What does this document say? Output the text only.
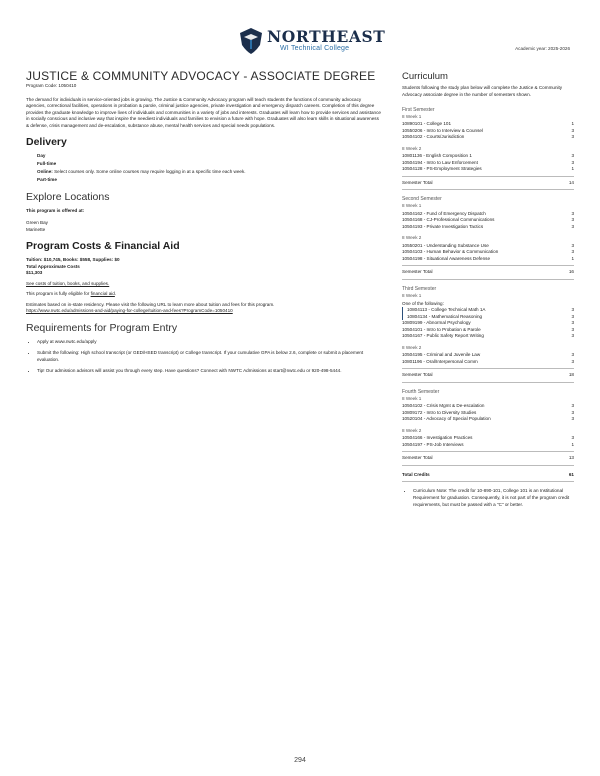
NORTHEAST
WI Technical College	Academic year: 2025-2026
JUSTICE & COMMUNITY ADVOCACY - ASSOCIATE DEGREE
Program Code: 1050410
The demand for individuals in service-oriented jobs is growing. The Justice & Community Advocacy program will teach students the functions of community advocacy agencies, correctional facilities, operations in probation & parole, criminal justice agencies, private investigation and emergency dispatch careers. Completion of this degree provides the graduate knowledge to improve lives of individuals and communities in a variety of jobs and interests. Graduates will learn how to provide services and assistance in socially conscious and inclusive way that inspire the neediest individuals and families to envision a future with hope. Graduates will also learn skills in situational awareness & defense, crisis management and de-escalation, substance abuse, mental health services and special needs populations.
Delivery
Day
Full-time
Online: Select courses only. Some online courses may require logging in at a specific time each week.
Part-time
Explore Locations
This program is offered at:
Green Bay
Marinette
Program Costs & Financial Aid
Tuition: $10,745, Books: $558, Supplies: $0
Total Approximate Costs
$11,303
See costs of tuition, books, and supplies.
This program is fully eligible for financial aid.
Estimates based on in-state residency. Please visit the following URL to learn more about tuition and fees for this program.
https://www.nwtc.edu/admissions-and-aid/paying-for-college/tuition-and-fees?ProgramCode=1050410
Requirements for Program Entry
• Apply at www.nwtc.edu/apply
• Submit the following: High school transcript (or GED/HSED transcript) or College transcript. If your cumulative GPA is below 2.6, complete or submit a placement evaluation.
• Tip! Our admission advisors will assist you through every step. Have questions? Connect with NWTC Admissions at start@nwtc.edu or 920-498-5444.
Curriculum
Students following the study plan below will complete the Justice & Community Advocacy associate degree in the number of semesters shown.
First Semester
8 Week 1
10890101 - College 101	1
10550206 - Intro to Interview & Counsel	3
10504102 - Courts/Jurisdiction	3
8 Week 2
10801136 - English Composition 1	3
10504194 - Intro to Law Enforcement	3
10504128 - PS-Employment Strategies	1
Semester Total	14
Second Semester
8 Week 1
10504162 - Fund of Emergency Dispatch	3
10504168 - CJ-Professional Communications	3
10504193 - Private Investigation Tactics	3
8 Week 2
10550201 - Understanding Substance Use	3
10504103 - Human Behavior & Communication	3
10504198 - Situational Awareness Defense	1
Semester Total	16
Third Semester
8 Week 1
One of the following:
10804113 - College Technical Math 1A	3
10804134 - Mathematical Reasoning	3
10809199 - Abnormal Psychology	3
10504101 - Intro to Probation & Parole	3
10504167 - Public Safety Report Writing	3
8 Week 2
10504195 - Criminal and Juvenile Law	3
10801196 - Oral/Interpersonal Comm	3
Semester Total	18
Fourth Semester
8 Week 1
10504102 - Crisis Mgmt & De-escalation	3
10809172 - Intro to Diversity Studies	3
10520104 - Advocacy of Special Population	3
8 Week 2
10504166 - Investigation Practices	3
10504197 - PS-Job Interviews	1
Semester Total	13
Total Credits	61
• Curriculum Note: The credit for 10-890-101, College 101 is an Institutional Requirement for graduation. Consequently, it is not part of the program credit requirements, but must be passed with a "C" or better.
294
